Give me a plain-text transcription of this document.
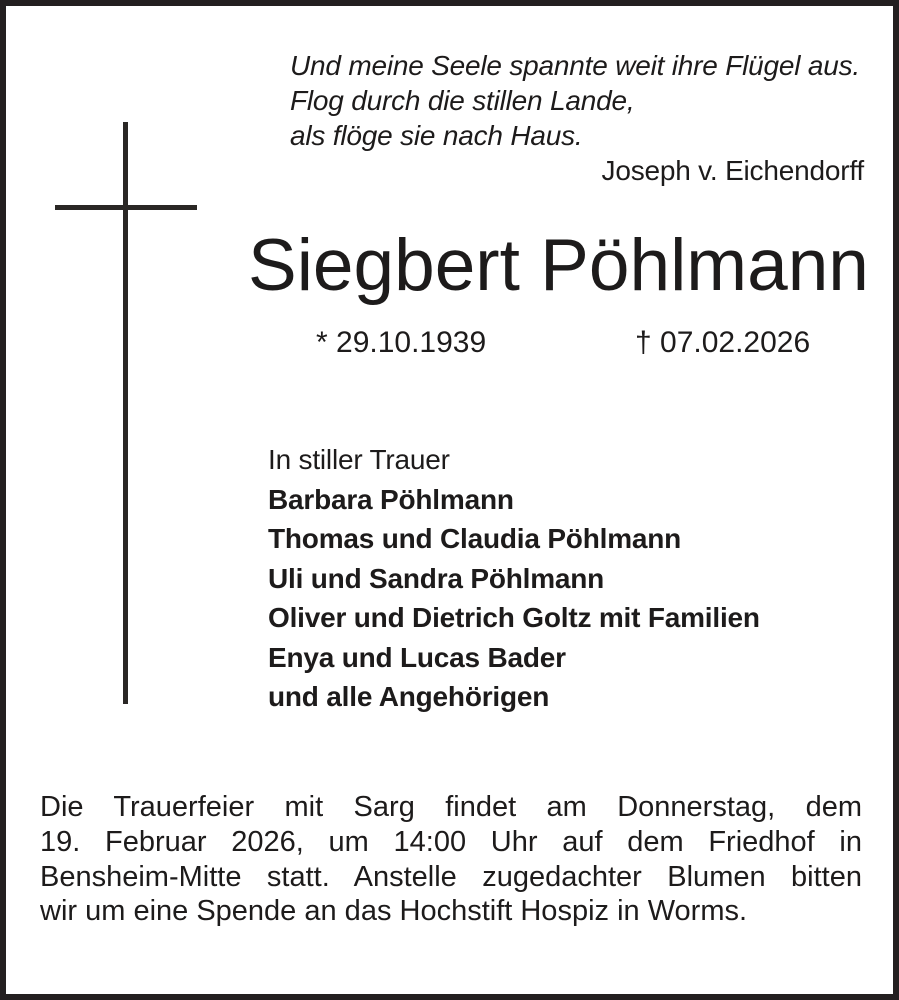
Und meine Seele spannte weit ihre Flügel aus.
Flog durch die stillen Lande,
als flöge sie nach Haus.
Joseph v. Eichendorff
Siegbert Pöhlmann
* 29.10.1939	† 07.02.2026
In stiller Trauer
Barbara Pöhlmann
Thomas und Claudia Pöhlmann
Uli und Sandra Pöhlmann
Oliver und Dietrich Goltz mit Familien
Enya und Lucas Bader
und alle Angehörigen
Die Trauerfeier mit Sarg findet am Donnerstag, dem
19. Februar 2026, um 14:00 Uhr auf dem Friedhof in
Bensheim-Mitte statt. Anstelle zugedachter Blumen bitten
wir um eine Spende an das Hochstift Hospiz in Worms.
